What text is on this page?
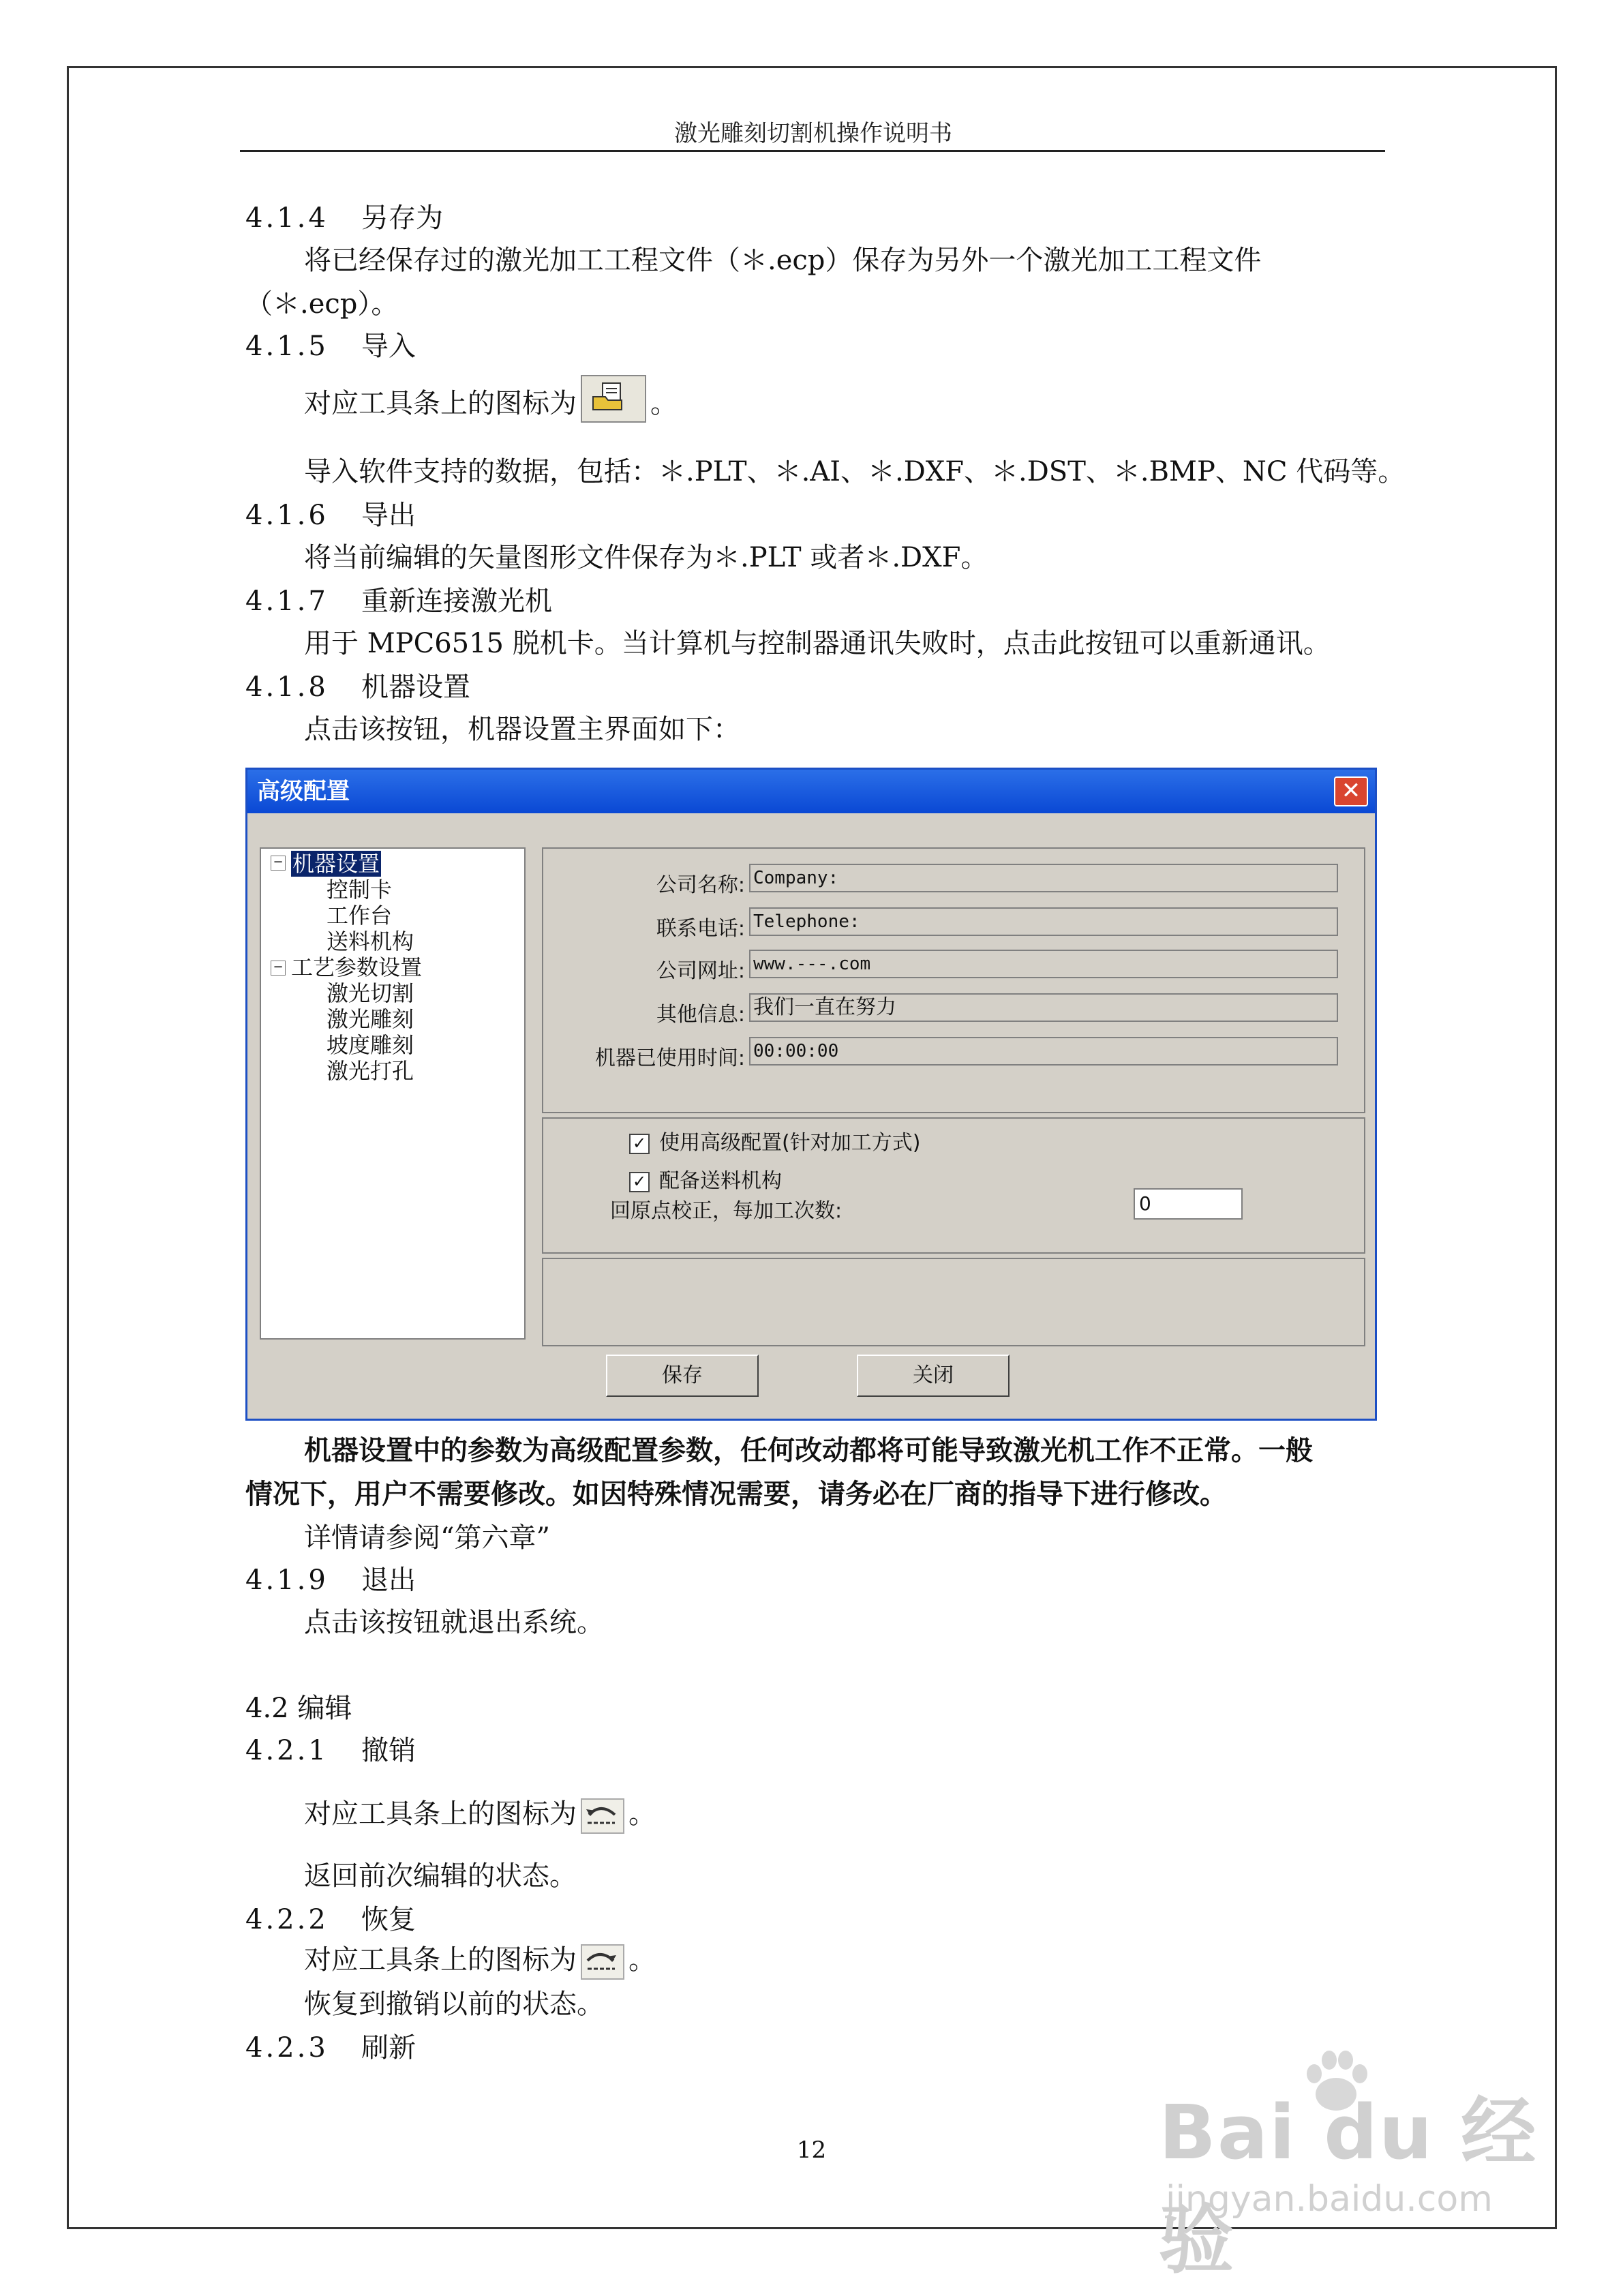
激光雕刻切割机操作说明书
4.1.4 另存为
将已经保存过的激光加工工程文件（＊.ecp）保存为另外一个激光加工工程文件
（＊.ecp）。
4.1.5 导入
对应工具条上的图标为	。
导入软件支持的数据，包括：＊.PLT、＊.AI、＊.DXF、＊.DST、＊.BMP、NC 代码等。
4.1.6 导出
将当前编辑的矢量图形文件保存为＊.PLT 或者＊.DXF。
4.1.7 重新连接激光机
用于 MPC6515 脱机卡。当计算机与控制器通讯失败时，点击此按钮可以重新通讯。
4.1.8 机器设置
点击该按钮，机器设置主界面如下：
高级配置	✕
− 机器设置
控制卡
工作台
送料机构
− 工艺参数设置
激光切割
激光雕刻
坡度雕刻
激光打孔
公司名称: Company:
联系电话: Telephone:
公司网址: www.---.com
其他信息: 我们一直在努力
机器已使用时间: 00:00:00
✓ 使用高级配置(针对加工方式)
✓ 配备送料机构
回原点校正，每加工次数:	0
保存	关闭
机器设置中的参数为高级配置参数，任何改动都将可能导致激光机工作不正常。一般
情况下，用户不需要修改。如因特殊情况需要，请务必在厂商的指导下进行修改。
详情请参阅“第六章”
4.1.9 退出
点击该按钮就退出系统。
4.2 编辑
4.2.1 撤销
对应工具条上的图标为 。
返回前次编辑的状态。
4.2.2 恢复
对应工具条上的图标为 。
恢复到撤销以前的状态。
4.2.3 刷新
12	Bai du 经验
jingyan.baidu.com
